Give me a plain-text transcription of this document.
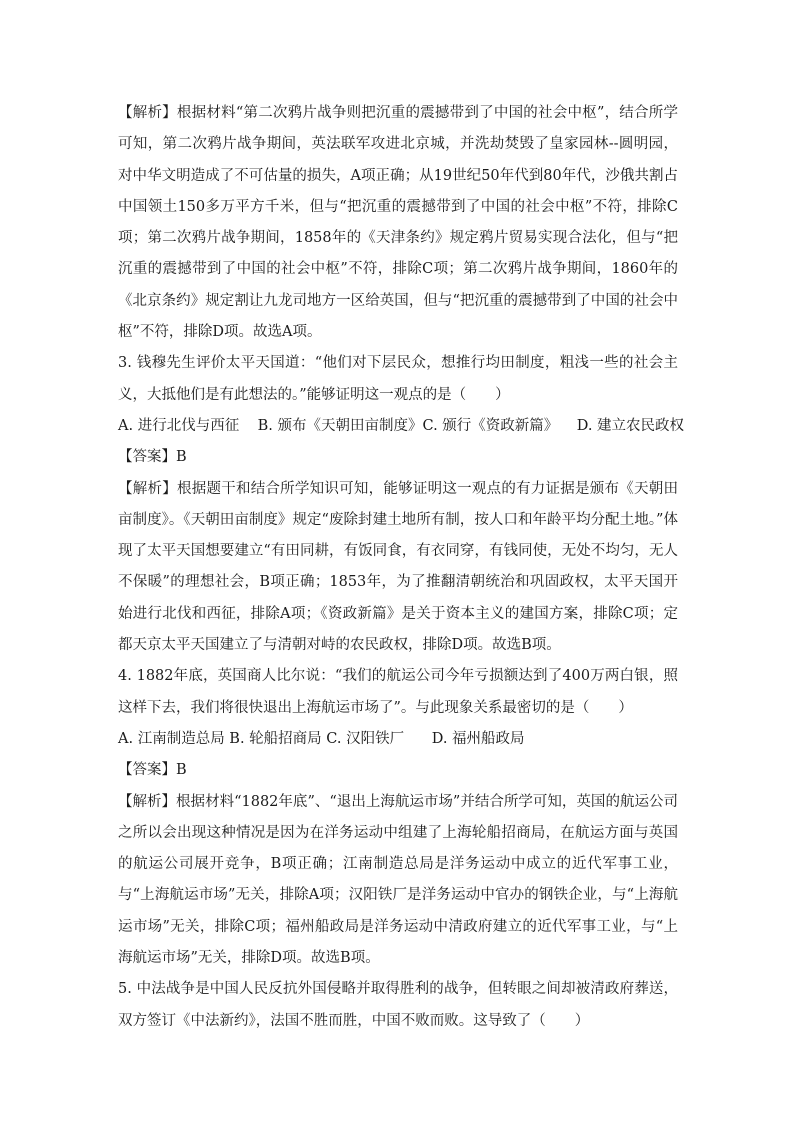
【解析】根据材料“第二次鸦片战争则把沉重的震撼带到了中国的社会中枢”，结合所学可知，第二次鸦片战争期间，英法联军攻进北京城，并洗劫焚毁了皇家园林--圆明园，对中华文明造成了不可估量的损失，A项正确；从19世纪50年代到80年代，沙俄共割占中国领土150多万平方千米，但与“把沉重的震撼带到了中国的社会中枢”不符，排除C项；第二次鸦片战争期间，1858年的《天津条约》规定鸦片贸易实现合法化，但与“把沉重的震撼带到了中国的社会中枢”不符，排除C项；第二次鸦片战争期间，1860年的《北京条约》规定割让九龙司地方一区给英国，但与“把沉重的震撼带到了中国的社会中枢”不符，排除D项。故选A项。

3. 钱穆先生评价太平天国道：“他们对下层民众，想推行均田制度，粗浅一些的社会主义，大抵他们是有此想法的。”能够证明这一观点的是（　　）

A. 进行北伐与西征    B. 颁布《天朝田亩制度》C. 颁行《资政新篇》    D. 建立农民政权

【答案】B

【解析】根据题干和结合所学知识可知，能够证明这一观点的有力证据是颁布《天朝田亩制度》。《天朝田亩制度》规定“废除封建土地所有制，按人口和年龄平均分配土地。”体现了太平天国想要建立“有田同耕，有饭同食，有衣同穿，有钱同使，无处不均匀，无人不保暖”的理想社会，B项正确；1853年，为了推翻清朝统治和巩固政权，太平天国开始进行北伐和西征，排除A项；《资政新篇》是关于资本主义的建国方案，排除C项；定都天京太平天国建立了与清朝对峙的农民政权，排除D项。故选B项。

4. 1882年底，英国商人比尔说：“我们的航运公司今年亏损额达到了400万两白银，照这样下去，我们将很快退出上海航运市场了”。与此现象关系最密切的是（　　）

A. 江南制造总局 B. 轮船招商局 C. 汉阳铁厂      D. 福州船政局

【答案】B

【解析】根据材料“1882年底”、“退出上海航运市场”并结合所学可知，英国的航运公司之所以会出现这种情况是因为在洋务运动中组建了上海轮船招商局，在航运方面与英国的航运公司展开竞争，B项正确；江南制造总局是洋务运动中成立的近代军事工业，与“上海航运市场”无关，排除A项；汉阳铁厂是洋务运动中官办的钢铁企业，与“上海航运市场”无关，排除C项；福州船政局是洋务运动中清政府建立的近代军事工业，与“上海航运市场”无关，排除D项。故选B项。

5. 中法战争是中国人民反抗外国侵略并取得胜利的战争，但转眼之间却被清政府葬送，双方签订《中法新约》，法国不胜而胜，中国不败而败。这导致了（　　）
